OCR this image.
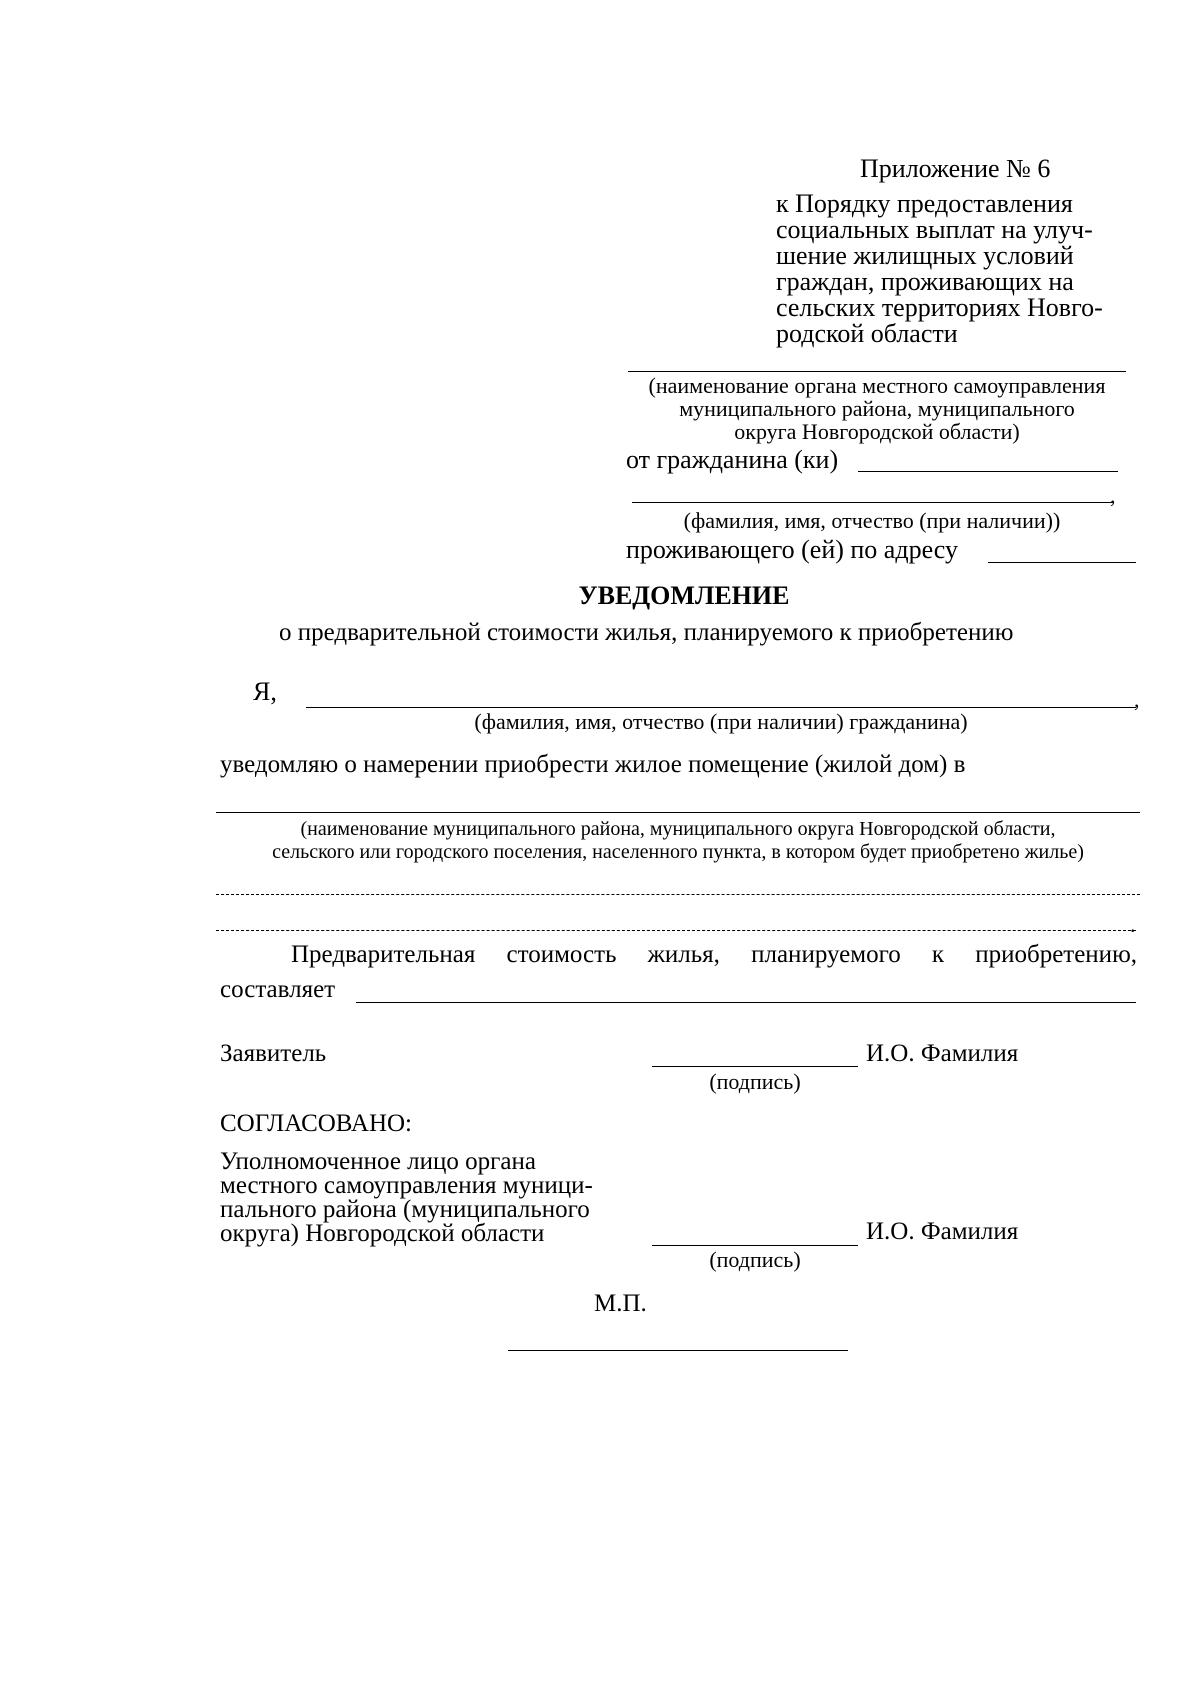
Приложение № 6
к Порядку предоставления
социальных выплат на улуч-
шение жилищных условий
граждан, проживающих на
сельских территориях Новго-
родской области
(наименование органа местного самоуправления
муниципального района, муниципального
округа Новгородской области)
от гражданина (ки)
,
(фамилия, имя, отчество (при наличии))
проживающего (ей) по адресу
УВЕДОМЛЕНИЕ
о предварительной стоимости жилья, планируемого к приобретению
Я,	,
(фамилия, имя, отчество (при наличии) гражданина)
уведомляю о намерении приобрести жилое помещение (жилой дом) в
(наименование муниципального района, муниципального округа Новгородской области,
сельского или городского поселения, населенного пункта, в котором будет приобретено жилье)
.
Предварительная стоимость жилья, планируемого к приобретению,
составляет
Заявитель	И.О. Фамилия
(подпись)
СОГЛАСОВАНО:
Уполномоченное лицо органа
местного самоуправления муници-
пального района (муниципального
округа) Новгородской области	И.О. Фамилия
(подпись)
М.П.
